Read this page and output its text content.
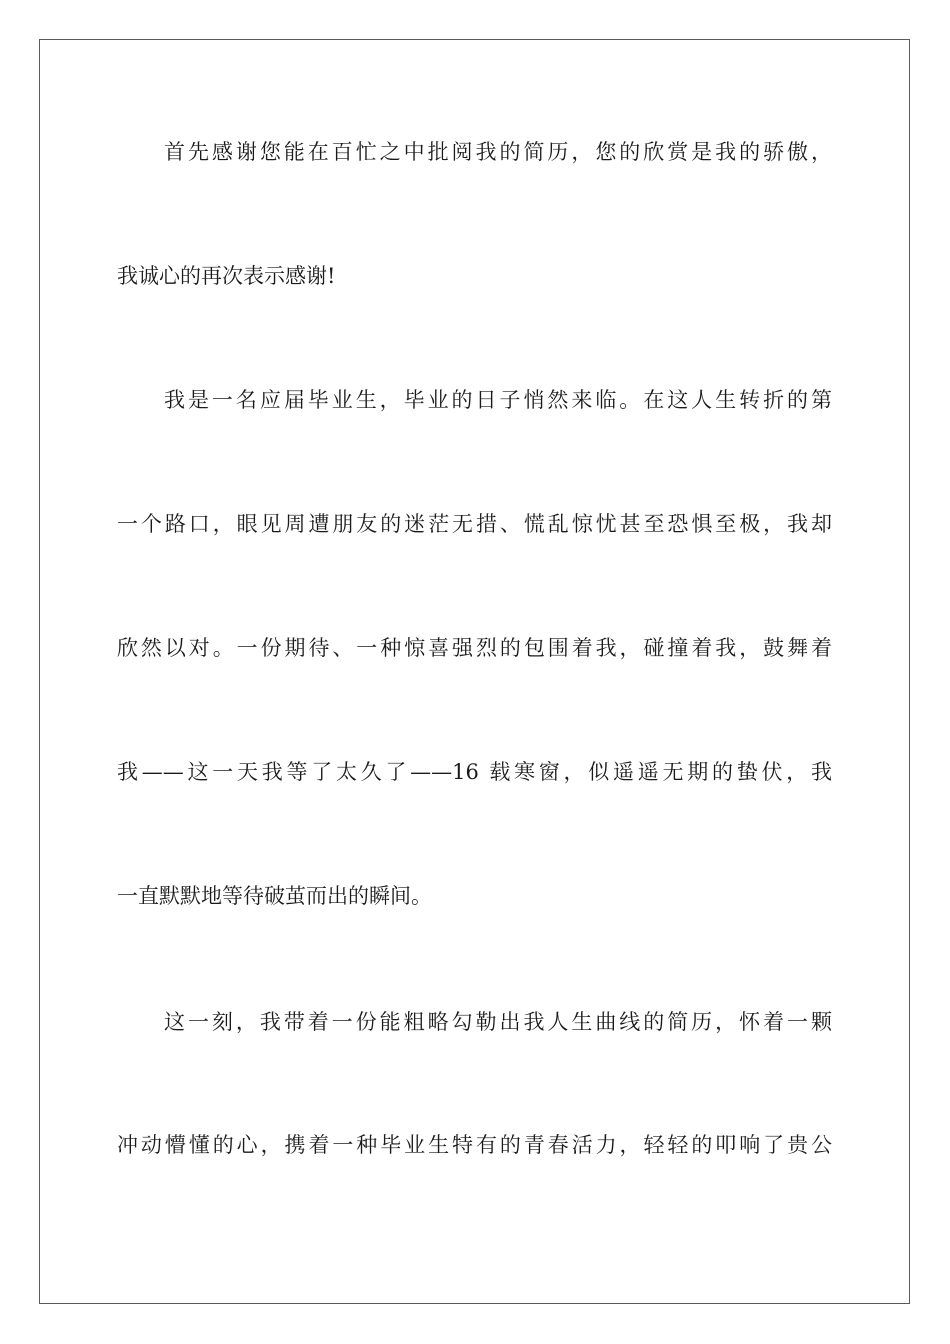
首先感谢您能在百忙之中批阅我的简历，您的欣赏是我的骄傲，

我诚心的再次表示感谢!

我是一名应届毕业生，毕业的日子悄然来临。在这人生转折的第

一个路口，眼见周遭朋友的迷茫无措、慌乱惊忧甚至恐惧至极，我却

欣然以对。一份期待、一种惊喜强烈的包围着我，碰撞着我，鼓舞着

我——这一天我等了太久了——16 载寒窗，似遥遥无期的蛰伏，我

一直默默地等待破茧而出的瞬间。

这一刻，我带着一份能粗略勾勒出我人生曲线的简历，怀着一颗

冲动懵懂的心，携着一种毕业生特有的青春活力，轻轻的叩响了贵公
